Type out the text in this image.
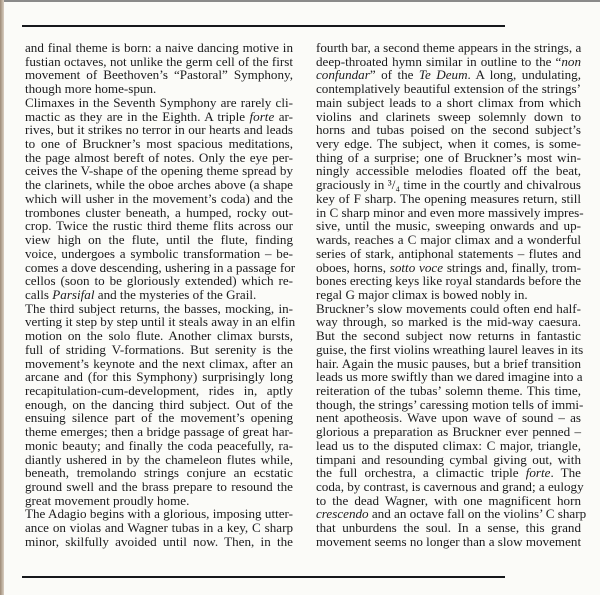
and final theme is born: a naive dancing motive in
fustian octaves, not unlike the germ cell of the first
movement of Beethoven’s “Pastoral” Symphony,
though more home-spun.
Climaxes in the Seventh Symphony are rarely cli-
mactic as they are in the Eighth. A triple forte ar-
rives, but it strikes no terror in our hearts and leads
to one of Bruckner’s most spacious meditations,
the page almost bereft of notes. Only the eye per-
ceives the V-shape of the opening theme spread by
the clarinets, while the oboe arches above (a shape
which will usher in the movement’s coda) and the
trombones cluster beneath, a humped, rocky out-
crop. Twice the rustic third theme flits across our
view high on the flute, until the flute, finding
voice, undergoes a symbolic transformation – be-
comes a dove descending, ushering in a passage for
cellos (soon to be gloriously extended) which re-
calls Parsifal and the mysteries of the Grail.
The third subject returns, the basses, mocking, in-
verting it step by step until it steals away in an elfin
motion on the solo flute. Another climax bursts,
full of striding V-formations. But serenity is the
movement’s keynote and the next climax, after an
arcane and (for this Symphony) surprisingly long
recapitulation-cum-development, rides in, aptly
enough, on the dancing third subject. Out of the
ensuing silence part of the movement’s opening
theme emerges; then a bridge passage of great har-
monic beauty; and finally the coda peacefully, ra-
diantly ushered in by the chameleon flutes while,
beneath, tremolando strings conjure an ecstatic
ground swell and the brass prepare to resound the
great movement proudly home.
The Adagio begins with a glorious, imposing utter-
ance on violas and Wagner tubas in a key, C sharp
minor, skilfully avoided until now. Then, in the
fourth bar, a second theme appears in the strings, a
deep-throated hymn similar in outline to the “non
confundar” of the Te Deum. A long, undulating,
contemplatively beautiful extension of the strings’
main subject leads to a short climax from which
violins and clarinets sweep solemnly down to
horns and tubas poised on the second subject’s
very edge. The subject, when it comes, is some-
thing of a surprise; one of Bruckner’s most win-
ningly accessible melodies floated off the beat,
graciously in ³/₄ time in the courtly and chivalrous
key of F sharp. The opening measures return, still
in C sharp minor and even more massively impres-
sive, until the music, sweeping onwards and up-
wards, reaches a C major climax and a wonderful
series of stark, antiphonal statements – flutes and
oboes, horns, sotto voce strings and, finally, trom-
bones erecting keys like royal standards before the
regal G major climax is bowed nobly in.
Bruckner’s slow movements could often end half-
way through, so marked is the mid-way caesura.
But the second subject now returns in fantastic
guise, the first violins wreathing laurel leaves in its
hair. Again the music pauses, but a brief transition
leads us more swiftly than we dared imagine into a
reiteration of the tubas’ solemn theme. This time,
though, the strings’ caressing motion tells of immi-
nent apotheosis. Wave upon wave of sound – as
glorious a preparation as Bruckner ever penned –
lead us to the disputed climax: C major, triangle,
timpani and resounding cymbal giving out, with
the full orchestra, a climactic triple forte. The
coda, by contrast, is cavernous and grand; a eulogy
to the dead Wagner, with one magnificent horn
crescendo and an octave fall on the violins’ C sharp
that unburdens the soul. In a sense, this grand
movement seems no longer than a slow movement
